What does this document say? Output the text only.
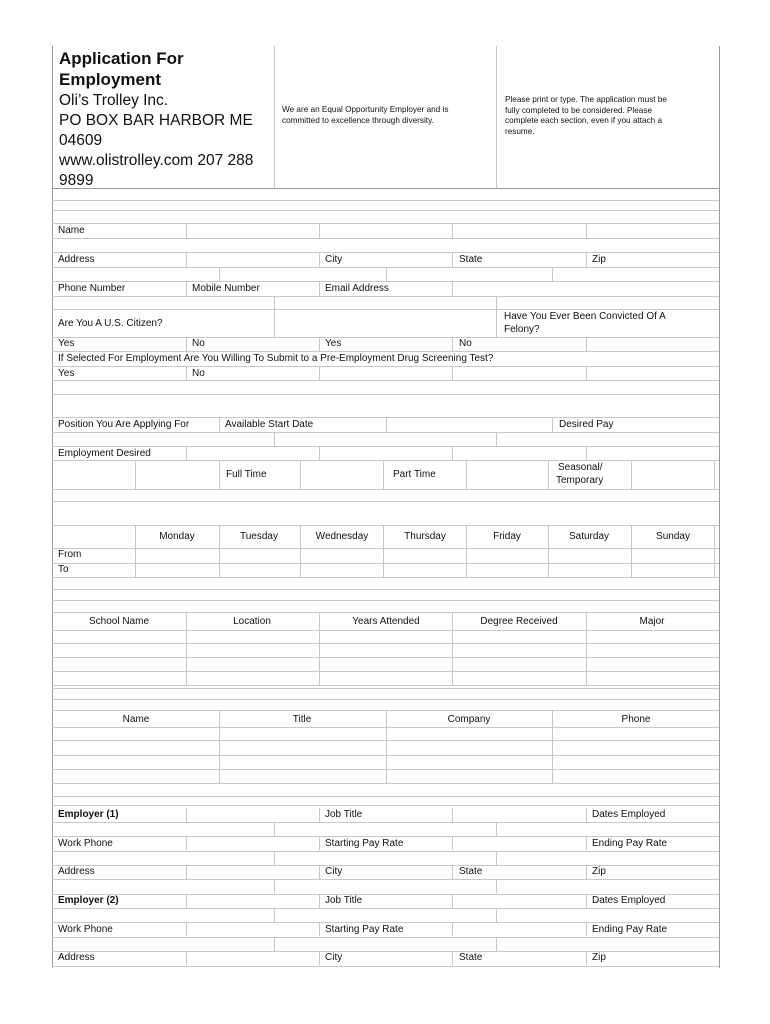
Application For
Employment
Oli’s Trolley Inc.
PO BOX BAR HARBOR ME
04609
www.olistrolley.com 207 288
9899
We are an Equal Opportunity Employer and is
committed to excellence through diversity.
Please print or type. The application must be
fully completed to be considered. Please
complete each section, even if you attach a
resume.
Name
Address	City	State	Zip
Phone Number	Mobile Number	Email Address
Are You A U.S. Citizen?
Have You Ever Been Convicted Of A
Felony?
Yes	No	Yes	No
If Selected For Employment Are You Willing To Submit to a Pre-Employment Drug Screening Test?
Yes	No
Position You Are Applying For	Available Start Date	Desired Pay
Employment Desired
Full Time	Part Time
Seasonal/
Temporary
Monday	Tuesday	Wednesday	Thursday	Friday	Saturday	Sunday
From
To
School Name	Location	Years Attended	Degree Received	Major
Name	Title	Company	Phone
Employer (1)	Job Title	Dates Employed
Work Phone	Starting Pay Rate	Ending Pay Rate
Address	City	State	Zip
Employer (2)	Job Title	Dates Employed
Work Phone	Starting Pay Rate	Ending Pay Rate
Address	City	State	Zip
